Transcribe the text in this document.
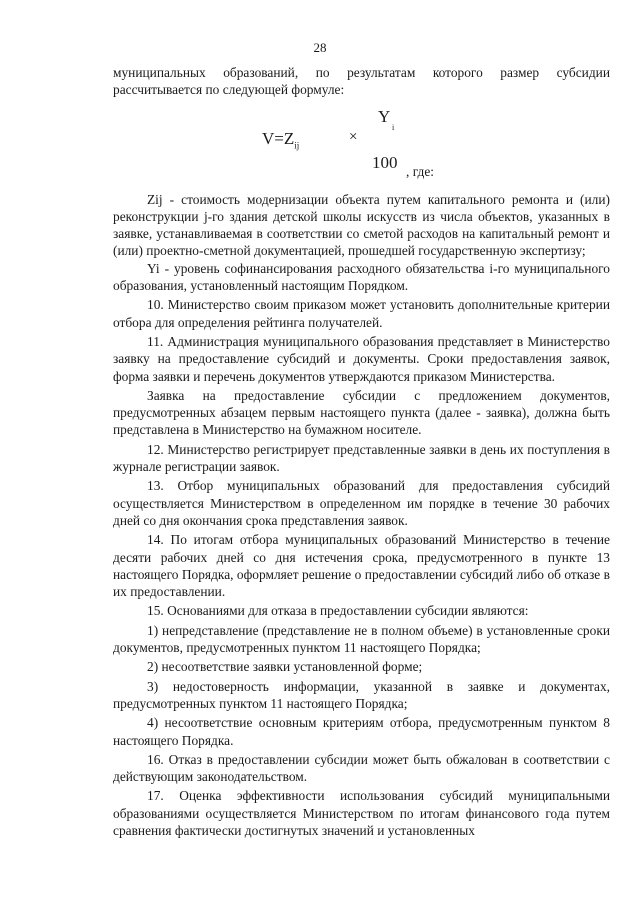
28

муниципальных образований, по результатам которого размер субсидии рассчитывается по следующей формуле:

$V=Z_{ij}$
×
Y
i
100 , где:

Zij - стоимость модернизации объекта путем капитального ремонта и (или) реконструкции j-го здания детской школы искусств из числа объектов, указанных в заявке, устанавливаемая в соответствии со сметой расходов на капитальный ремонт и (или) проектно-сметной документацией, прошедшей государственную экспертизу;

Yi - уровень софинансирования расходного обязательства i-го муниципального образования, установленный настоящим Порядком.

10. Министерство своим приказом может установить дополнительные критерии отбора для определения рейтинга получателей.

11. Администрация муниципального образования представляет в Министерство заявку на предоставление субсидий и документы. Сроки предоставления заявок, форма заявки и перечень документов утверждаются приказом Министерства.

Заявка на предоставление субсидии с предложением документов, предусмотренных абзацем первым настоящего пункта (далее - заявка), должна быть представлена в Министерство на бумажном носителе.

12. Министерство регистрирует представленные заявки в день их поступления в журнале регистрации заявок.

13. Отбор муниципальных образований для предоставления субсидий осуществляется Министерством в определенном им порядке в течение 30 рабочих дней со дня окончания срока представления заявок.

14. По итогам отбора муниципальных образований Министерство в течение десяти рабочих дней со дня истечения срока, предусмотренного в пункте 13 настоящего Порядка, оформляет решение о предоставлении субсидий либо об отказе в их предоставлении.

15. Основаниями для отказа в предоставлении субсидии являются:

1) непредставление (представление не в полном объеме) в установленные сроки документов, предусмотренных пунктом 11 настоящего Порядка;

2) несоответствие заявки установленной форме;

3) недостоверность информации, указанной в заявке и документах, предусмотренных пунктом 11 настоящего Порядка;

4) несоответствие основным критериям отбора, предусмотренным пунктом 8 настоящего Порядка.

16. Отказ в предоставлении субсидии может быть обжалован в соответствии с действующим законодательством.

17. Оценка эффективности использования субсидий муниципальными образованиями осуществляется Министерством по итогам финансового года путем сравнения фактически достигнутых значений и установленных
